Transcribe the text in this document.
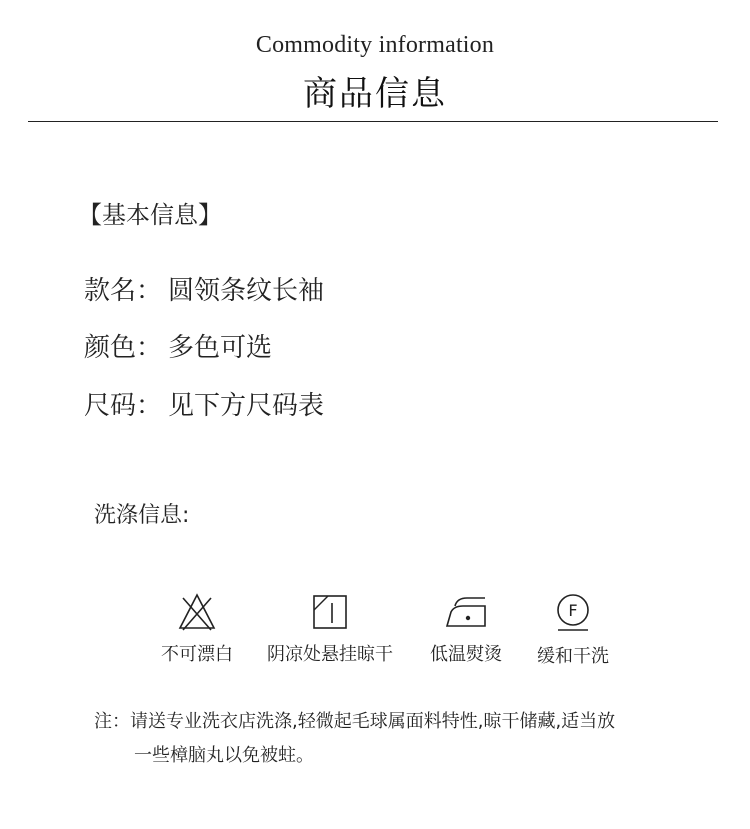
Commodity information
商品信息
【基本信息】
款名： 圆领条纹长袖
颜色： 多色可选
尺码： 见下方尺码表
洗涤信息:
不可漂白	阴凉处悬挂晾干	低温熨烫
F
缓和干洗
注：请送专业洗衣店洗涤,轻微起毛球属面料特性,晾干储藏,适当放
一些樟脑丸以免被蛀。
